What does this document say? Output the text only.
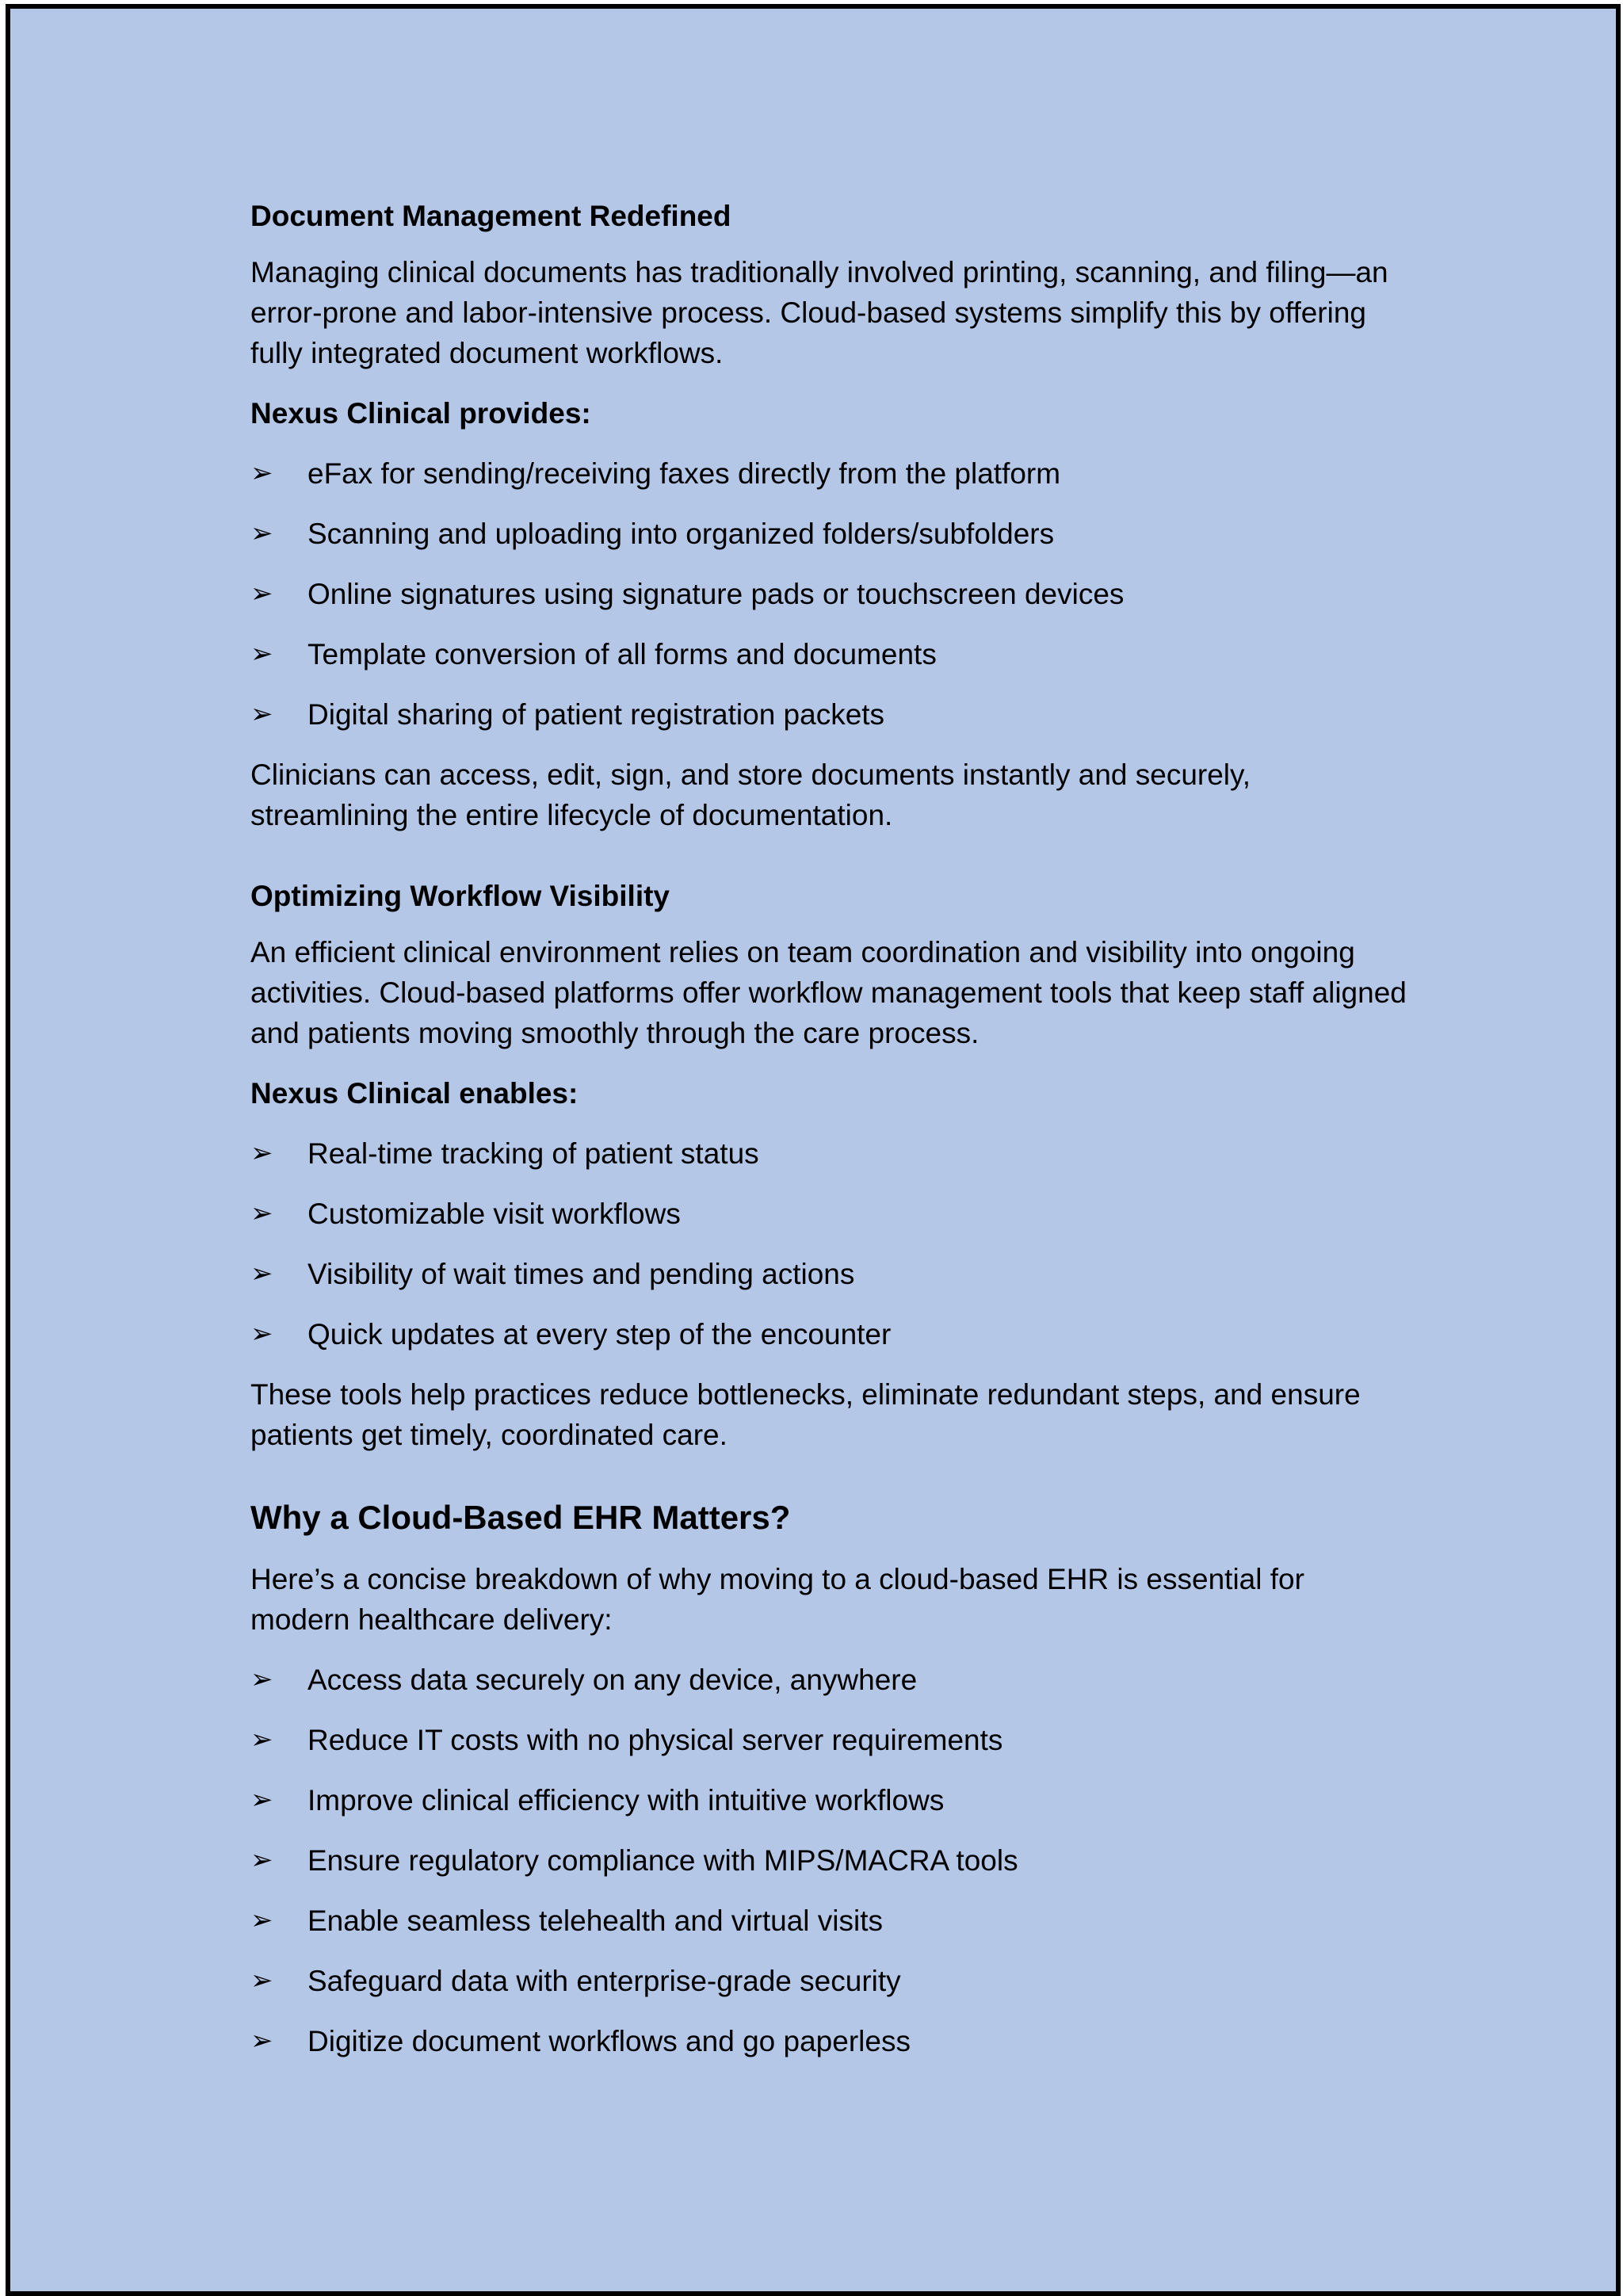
Document Management Redefined

Managing clinical documents has traditionally involved printing, scanning, and filing—an error-prone and labor-intensive process. Cloud-based systems simplify this by offering fully integrated document workflows.

Nexus Clinical provides:

➢	eFax for sending/receiving faxes directly from the platform
➢	Scanning and uploading into organized folders/subfolders
➢	Online signatures using signature pads or touchscreen devices
➢	Template conversion of all forms and documents
➢	Digital sharing of patient registration packets

Clinicians can access, edit, sign, and store documents instantly and securely, streamlining the entire lifecycle of documentation.

Optimizing Workflow Visibility

An efficient clinical environment relies on team coordination and visibility into ongoing activities. Cloud-based platforms offer workflow management tools that keep staff aligned and patients moving smoothly through the care process.

Nexus Clinical enables:

➢	Real-time tracking of patient status
➢	Customizable visit workflows
➢	Visibility of wait times and pending actions
➢	Quick updates at every step of the encounter

These tools help practices reduce bottlenecks, eliminate redundant steps, and ensure patients get timely, coordinated care.

Why a Cloud-Based EHR Matters?

Here’s a concise breakdown of why moving to a cloud-based EHR is essential for modern healthcare delivery:

➢	Access data securely on any device, anywhere
➢	Reduce IT costs with no physical server requirements
➢	Improve clinical efficiency with intuitive workflows
➢	Ensure regulatory compliance with MIPS/MACRA tools
➢	Enable seamless telehealth and virtual visits
➢	Safeguard data with enterprise-grade security
➢	Digitize document workflows and go paperless
